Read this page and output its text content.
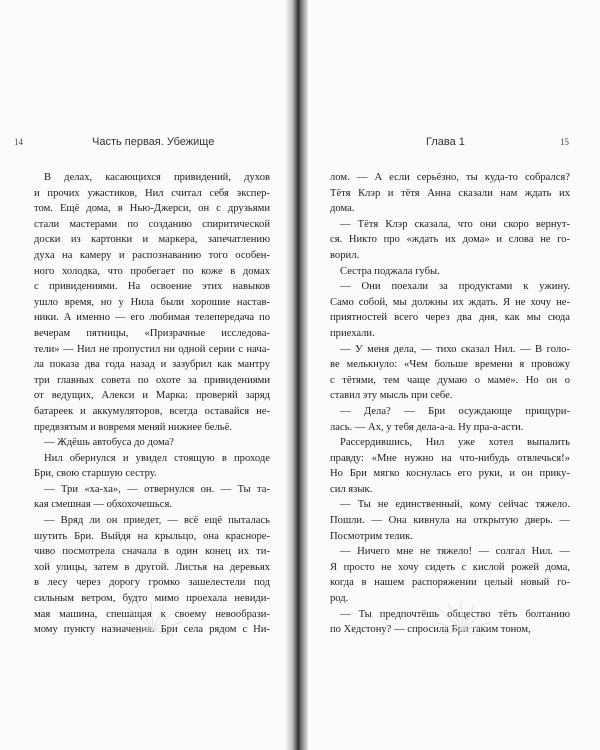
14	Часть первая. Убежище
В делах, касающихся привидений, духов
и прочих ужастиков, Нил считал себя экспер-
том. Ещё дома, в Нью-Джерси, он с друзьями
стали мастерами по созданию спиритической
доски из картонки и маркера, запечатлению
духа на камеру и распознаванию того особен-
ного холодка, что пробегает по коже в домах
с привидениями. На освоение этих навыков
ушло время, но у Нила были хорошие настав-
ники. А именно — его любимая телепередача по
вечерам пятницы, «Призрачные исследова-
тели» — Нил не пропустил ни одной серии с нача-
ла показа два года назад и зазубрил как мантру
три главных совета по охоте за привидениями
от ведущих, Алекси и Марка: проверяй заряд
батареек и аккумуляторов, всегда оставайся не-
предвзятым и вовремя меняй нижнее бельё.
— Ждёшь автобуса до дома?
Нил обернулся и увидел стоящую в проходе
Бри, свою старшую сестру.
— Три «ха-ха», — отвернулся он. — Ты та-
кая смешная — обхохочешься.
— Вряд ли он приедет, — всё ещё пыталась
шутить Бри. Выйдя на крыльцо, она красноре-
чиво посмотрела сначала в один конец их ти-
хой улицы, затем в другой. Листья на деревьях
в лесу через дорогу громко зашелестели под
сильным ветром, будто мимо проехала невиди-
мая машина, спешащая к своему невообрази-
мому пункту назначения. Бри села рядом с Ни-
Глава 1	15
лом. — А если серьёзно, ты куда-то собрался?
Тётя Клэр и тётя Анна сказали нам ждать их
дома.
— Тётя Клэр сказала, что они скоро вернут-
ся. Никто про «ждать их дома» и слова не го-
ворил.
Сестра поджала губы.
— Они поехали за продуктами к ужину.
Само собой, мы должны их ждать. Я не хочу не-
приятностей всего через два дня, как мы сюда
приехали.
— У меня дела, — тихо сказал Нил. — В голо-
ве мелькнуло: «Чем больше времени я провожу
с тётями, тем чаще думаю о маме». Но он о
ставил эту мысль при себе.
— Дела? — Бри осуждающе прищури-
лась. — Ах, у тебя дела-а-а. Ну пра-а-асти.
Рассердившись, Нил уже хотел выпалить
правду: «Мне нужно на что-нибудь отвлечься!»
Но Бри мягко коснулась его руки, и он прику-
сил язык.
— Ты не единственный, кому сейчас тяжело.
Пошли. — Она кивнула на открытую дверь. —
Посмотрим телик.
— Ничего мне не тяжело! — солгал Нил. —
Я просто не хочу сидеть с кислой рожей дома,
когда в нашем распоряжении целый новый го-
род.
— Ты предпочтёшь общество тёть болтанию
по Хедстону? — спросила Бри таким тоном,
